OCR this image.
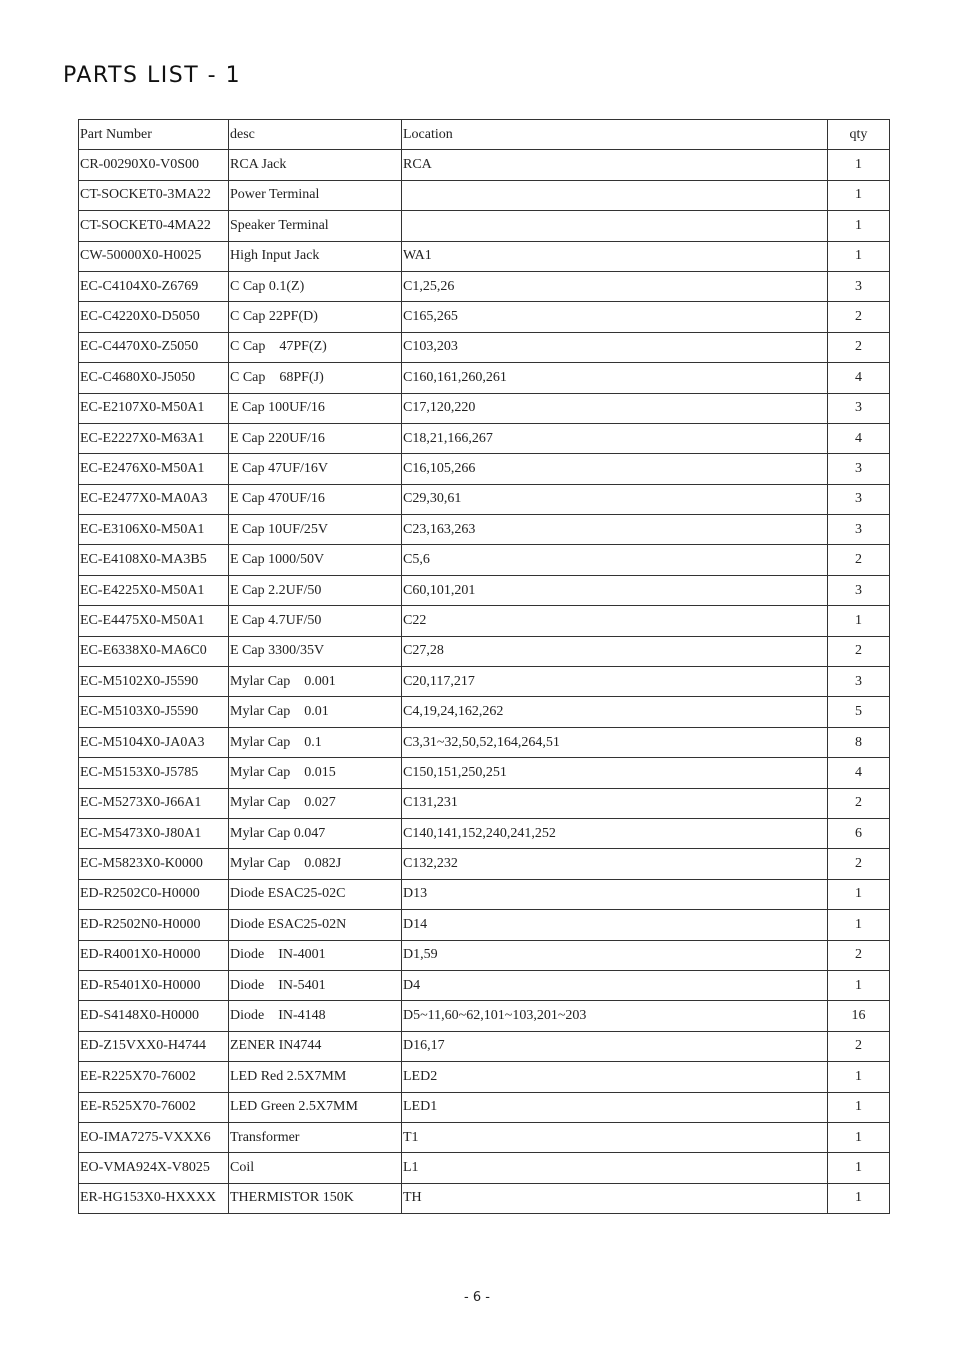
PARTS LIST - 1
Part Number	desc	Location	qty
CR-00290X0-V0S00	RCA Jack	RCA	1
CT-SOCKET0-3MA22	Power Terminal		1
CT-SOCKET0-4MA22	Speaker Terminal		1
CW-50000X0-H0025	High Input Jack	WA1	1
EC-C4104X0-Z6769	C Cap 0.1(Z)	C1,25,26	3
EC-C4220X0-D5050	C Cap 22PF(D)	C165,265	2
EC-C4470X0-Z5050	C Cap    47PF(Z)	C103,203	2
EC-C4680X0-J5050	C Cap    68PF(J)	C160,161,260,261	4
EC-E2107X0-M50A1	E Cap 100UF/16	C17,120,220	3
EC-E2227X0-M63A1	E Cap 220UF/16	C18,21,166,267	4
EC-E2476X0-M50A1	E Cap 47UF/16V	C16,105,266	3
EC-E2477X0-MA0A3	E Cap 470UF/16	C29,30,61	3
EC-E3106X0-M50A1	E Cap 10UF/25V	C23,163,263	3
EC-E4108X0-MA3B5	E Cap 1000/50V	C5,6	2
EC-E4225X0-M50A1	E Cap 2.2UF/50	C60,101,201	3
EC-E4475X0-M50A1	E Cap 4.7UF/50	C22	1
EC-E6338X0-MA6C0	E Cap 3300/35V	C27,28	2
EC-M5102X0-J5590	Mylar Cap    0.001	C20,117,217	3
EC-M5103X0-J5590	Mylar Cap    0.01	C4,19,24,162,262	5
EC-M5104X0-JA0A3	Mylar Cap    0.1	C3,31~32,50,52,164,264,51	8
EC-M5153X0-J5785	Mylar Cap    0.015	C150,151,250,251	4
EC-M5273X0-J66A1	Mylar Cap    0.027	C131,231	2
EC-M5473X0-J80A1	Mylar Cap 0.047	C140,141,152,240,241,252	6
EC-M5823X0-K0000	Mylar Cap    0.082J	C132,232	2
ED-R2502C0-H0000	Diode ESAC25-02C	D13	1
ED-R2502N0-H0000	Diode ESAC25-02N	D14	1
ED-R4001X0-H0000	Diode    IN-4001	D1,59	2
ED-R5401X0-H0000	Diode    IN-5401	D4	1
ED-S4148X0-H0000	Diode    IN-4148	D5~11,60~62,101~103,201~203	16
ED-Z15VXX0-H4744	ZENER IN4744	D16,17	2
EE-R225X70-76002	LED Red 2.5X7MM	LED2	1
EE-R525X70-76002	LED Green 2.5X7MM	LED1	1
EO-IMA7275-VXXX6	Transformer	T1	1
EO-VMA924X-V8025	Coil	L1	1
ER-HG153X0-HXXXX	THERMISTOR 150K	TH	1
- 6 -
